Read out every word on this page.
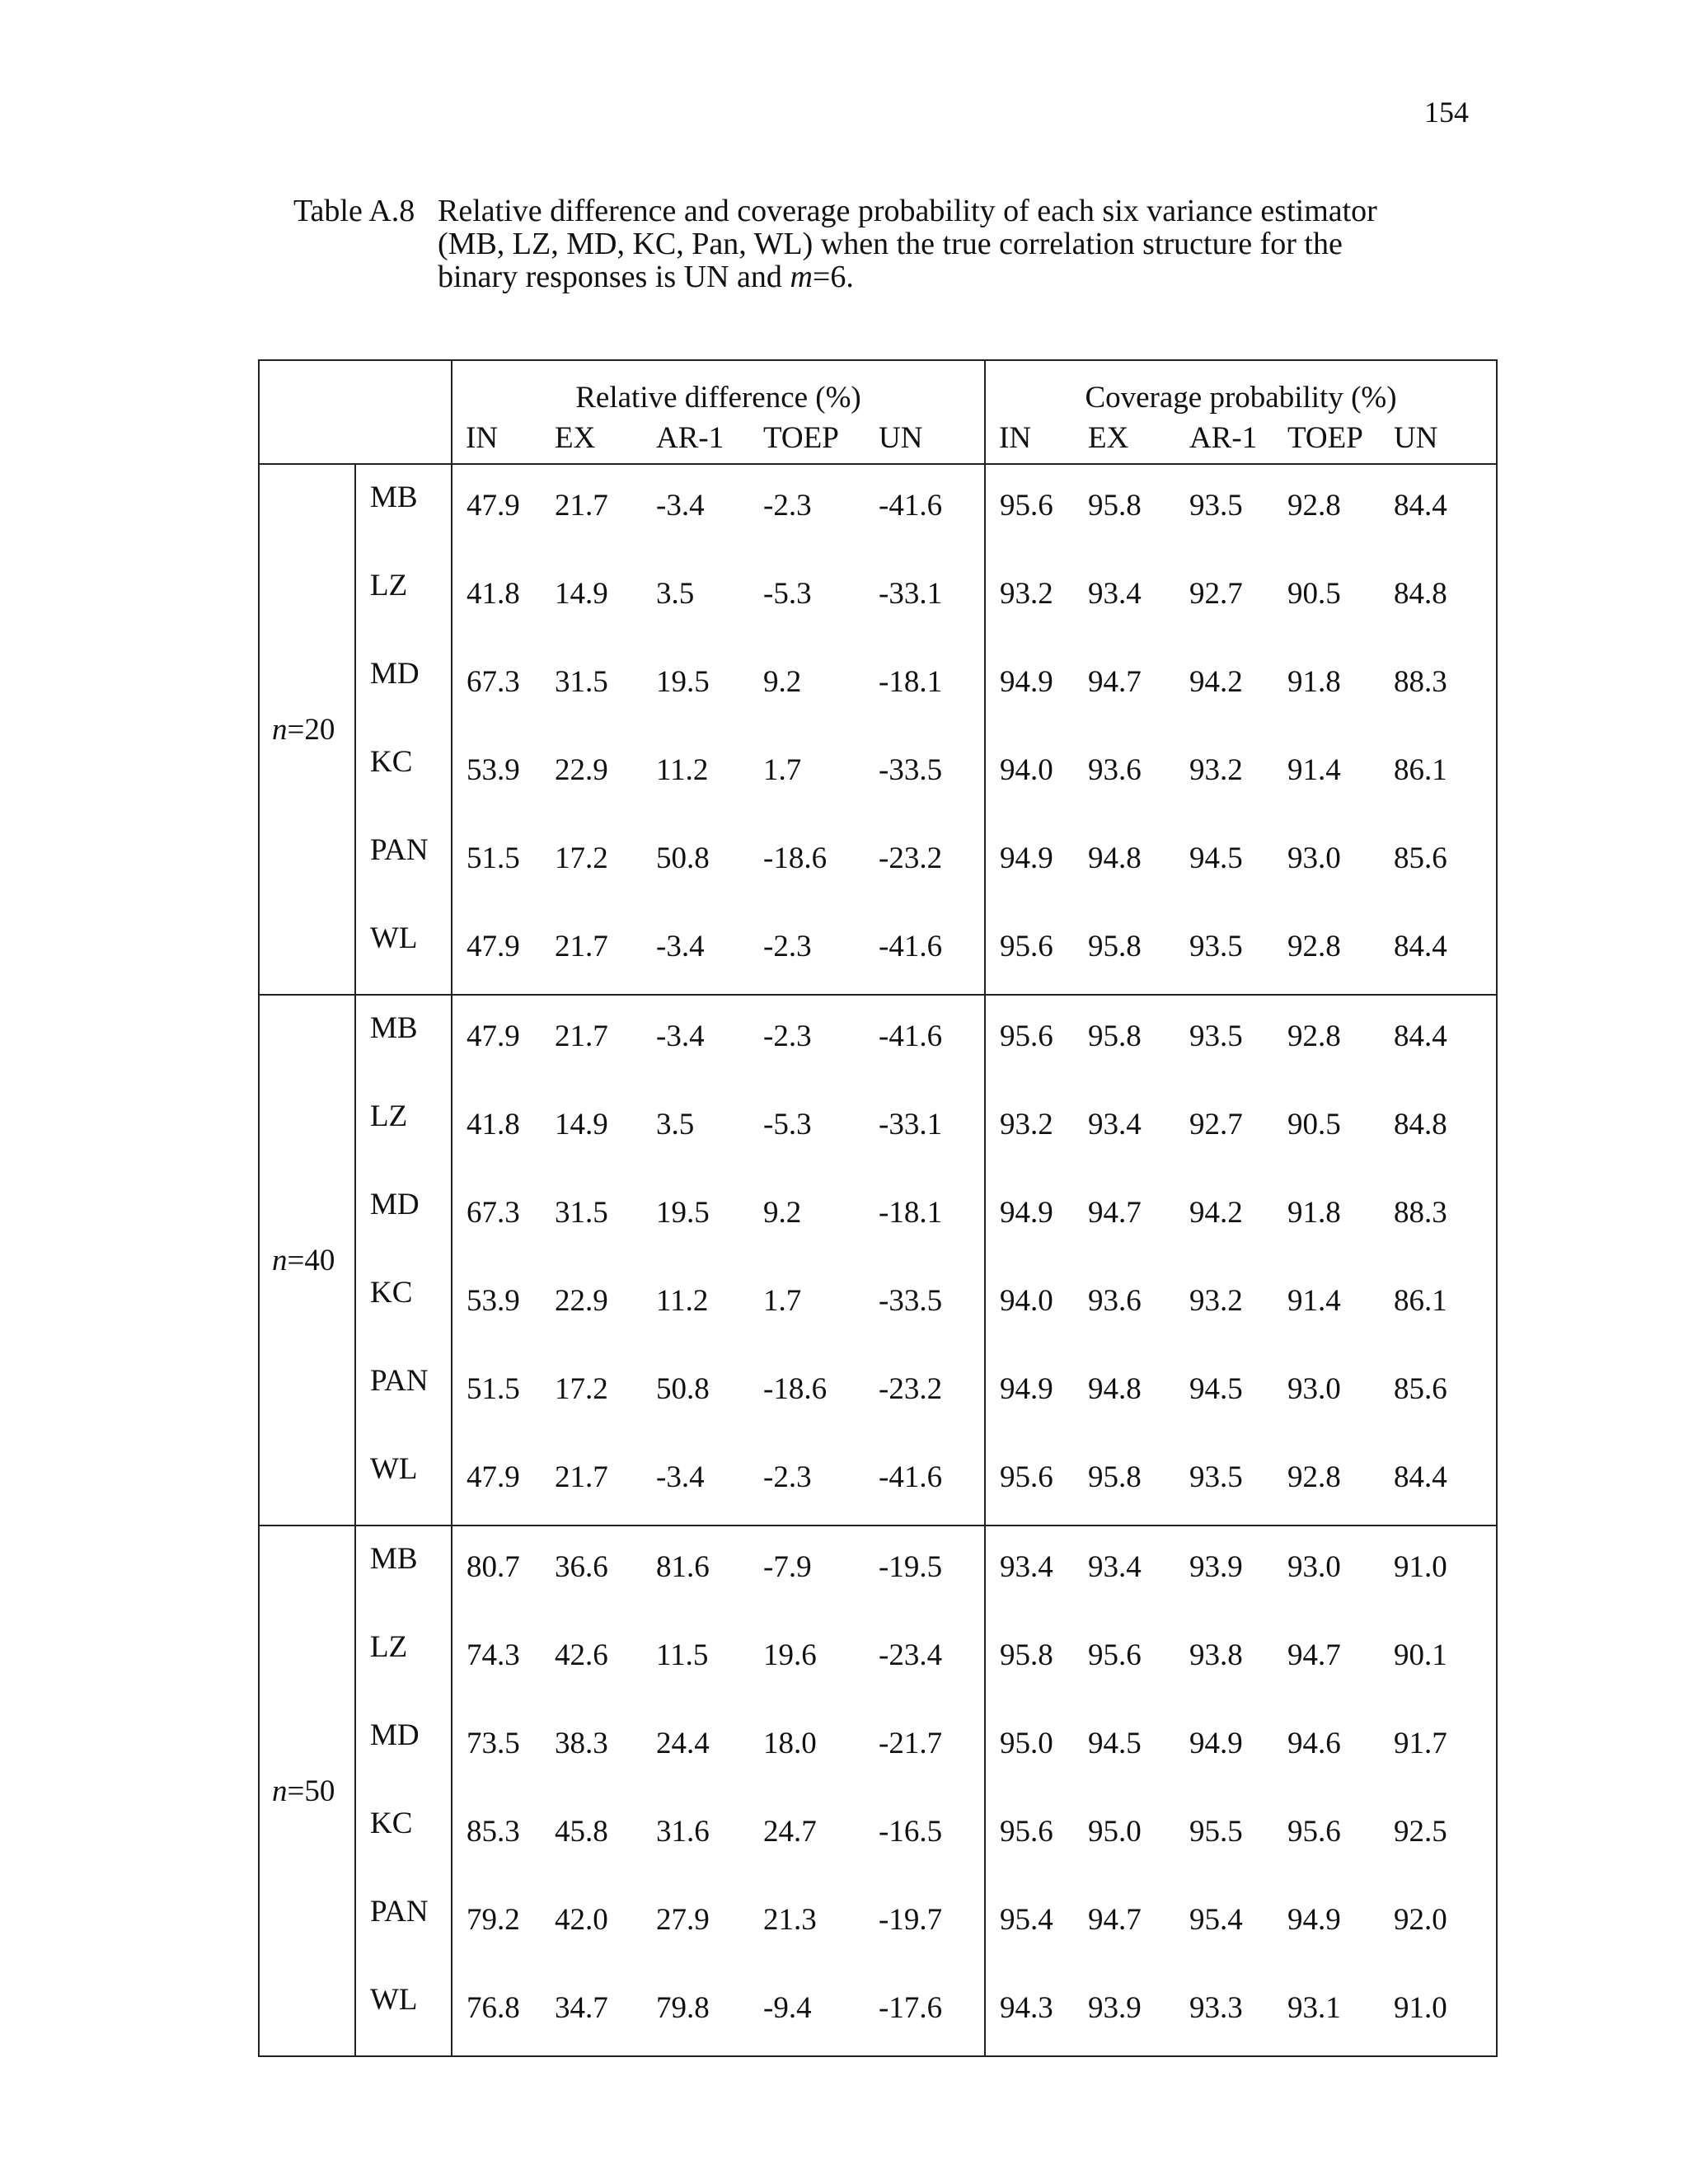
154
Table A.8 Relative difference and coverage probability of each six variance estimator
(MB, LZ, MD, KC, Pan, WL) when the true correlation structure for the
binary responses is UN and m=6.
		Relative difference (%)					Coverage probability (%)				
		IN	EX	AR-1	TOEP	UN	IN	EX	AR-1	TOEP	UN
n=20	MB	47.9	21.7	-3.4	-2.3	-41.6	95.6	95.8	93.5	92.8	84.4
	LZ	41.8	14.9	3.5	-5.3	-33.1	93.2	93.4	92.7	90.5	84.8
	MD	67.3	31.5	19.5	9.2	-18.1	94.9	94.7	94.2	91.8	88.3
	KC	53.9	22.9	11.2	1.7	-33.5	94.0	93.6	93.2	91.4	86.1
	PAN	51.5	17.2	50.8	-18.6	-23.2	94.9	94.8	94.5	93.0	85.6
	WL	47.9	21.7	-3.4	-2.3	-41.6	95.6	95.8	93.5	92.8	84.4
n=40	MB	47.9	21.7	-3.4	-2.3	-41.6	95.6	95.8	93.5	92.8	84.4
	LZ	41.8	14.9	3.5	-5.3	-33.1	93.2	93.4	92.7	90.5	84.8
	MD	67.3	31.5	19.5	9.2	-18.1	94.9	94.7	94.2	91.8	88.3
	KC	53.9	22.9	11.2	1.7	-33.5	94.0	93.6	93.2	91.4	86.1
	PAN	51.5	17.2	50.8	-18.6	-23.2	94.9	94.8	94.5	93.0	85.6
	WL	47.9	21.7	-3.4	-2.3	-41.6	95.6	95.8	93.5	92.8	84.4
n=50	MB	80.7	36.6	81.6	-7.9	-19.5	93.4	93.4	93.9	93.0	91.0
	LZ	74.3	42.6	11.5	19.6	-23.4	95.8	95.6	93.8	94.7	90.1
	MD	73.5	38.3	24.4	18.0	-21.7	95.0	94.5	94.9	94.6	91.7
	KC	85.3	45.8	31.6	24.7	-16.5	95.6	95.0	95.5	95.6	92.5
	PAN	79.2	42.0	27.9	21.3	-19.7	95.4	94.7	95.4	94.9	92.0
	WL	76.8	34.7	79.8	-9.4	-17.6	94.3	93.9	93.3	93.1	91.0
